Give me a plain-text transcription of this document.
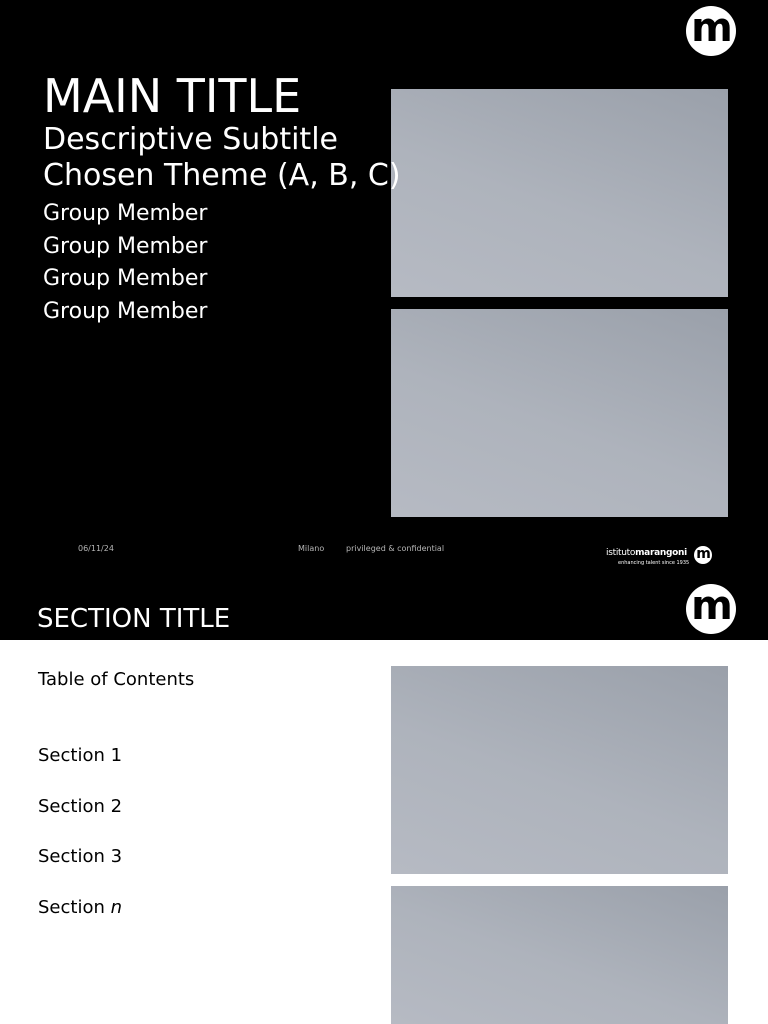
m
MAIN TITLE
Descriptive Subtitle
Chosen Theme (A, B, C)
Group Member
Group Member
Group Member
Group Member
06/11/24	Milano	privileged & confidential	istitutomarangoni
enhancing talent since 1935
m
SECTION TITLE	m
Table of Contents
Section 1
Section 2
Section 3
Section n
